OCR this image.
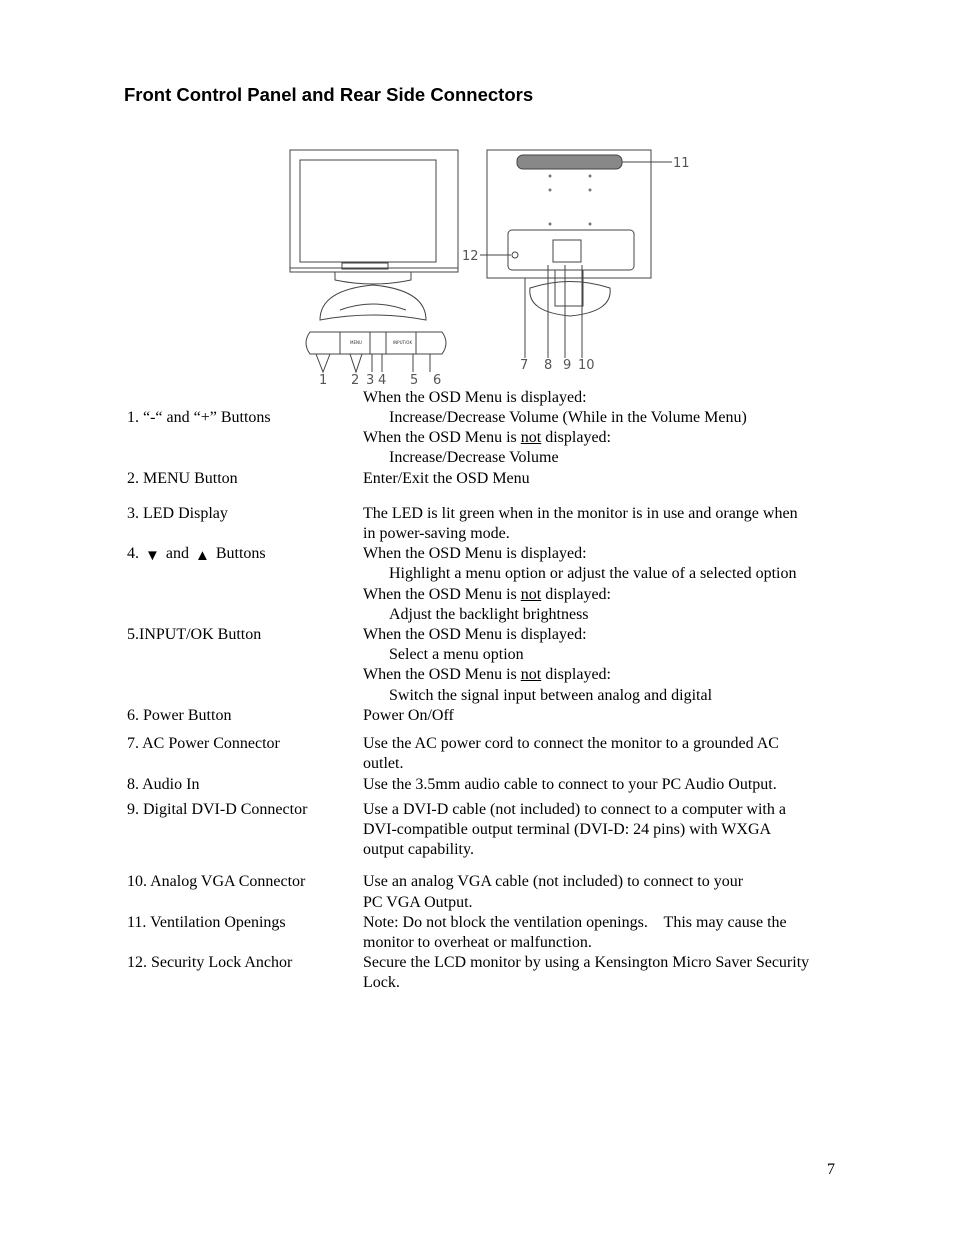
Front Control Panel and Rear Side Connectors
MENU	INPUT/OK
1 2 3 4 5 6
7 8 9 10
11
12
When the OSD Menu is displayed:
1. “-“ and “+” Buttons	Increase/Decrease Volume (While in the Volume Menu)
When the OSD Menu is not displayed:
Increase/Decrease Volume
2. MENU Button	Enter/Exit the OSD Menu
3. LED Display	The LED is lit green when in the monitor is in use and orange when
in power-saving mode.
4. ▼ and ▲ Buttons	When the OSD Menu is displayed:
Highlight a menu option or adjust the value of a selected option
When the OSD Menu is not displayed:
Adjust the backlight brightness
5.INPUT/OK Button	When the OSD Menu is displayed:
Select a menu option
When the OSD Menu is not displayed:
Switch the signal input between analog and digital
6. Power Button	Power On/Off
7. AC Power Connector	Use the AC power cord to connect the monitor to a grounded AC
outlet.
8. Audio In	Use the 3.5mm audio cable to connect to your PC Audio Output.
9. Digital DVI-D Connector	Use a DVI-D cable (not included) to connect to a computer with a
DVI-compatible output terminal (DVI-D: 24 pins) with WXGA
output capability.
10. Analog VGA Connector	Use an analog VGA cable (not included) to connect to your
PC VGA Output.
11. Ventilation Openings	Note: Do not block the ventilation openings.    This may cause the
monitor to overheat or malfunction.
12. Security Lock Anchor	Secure the LCD monitor by using a Kensington Micro Saver Security
Lock.
7
